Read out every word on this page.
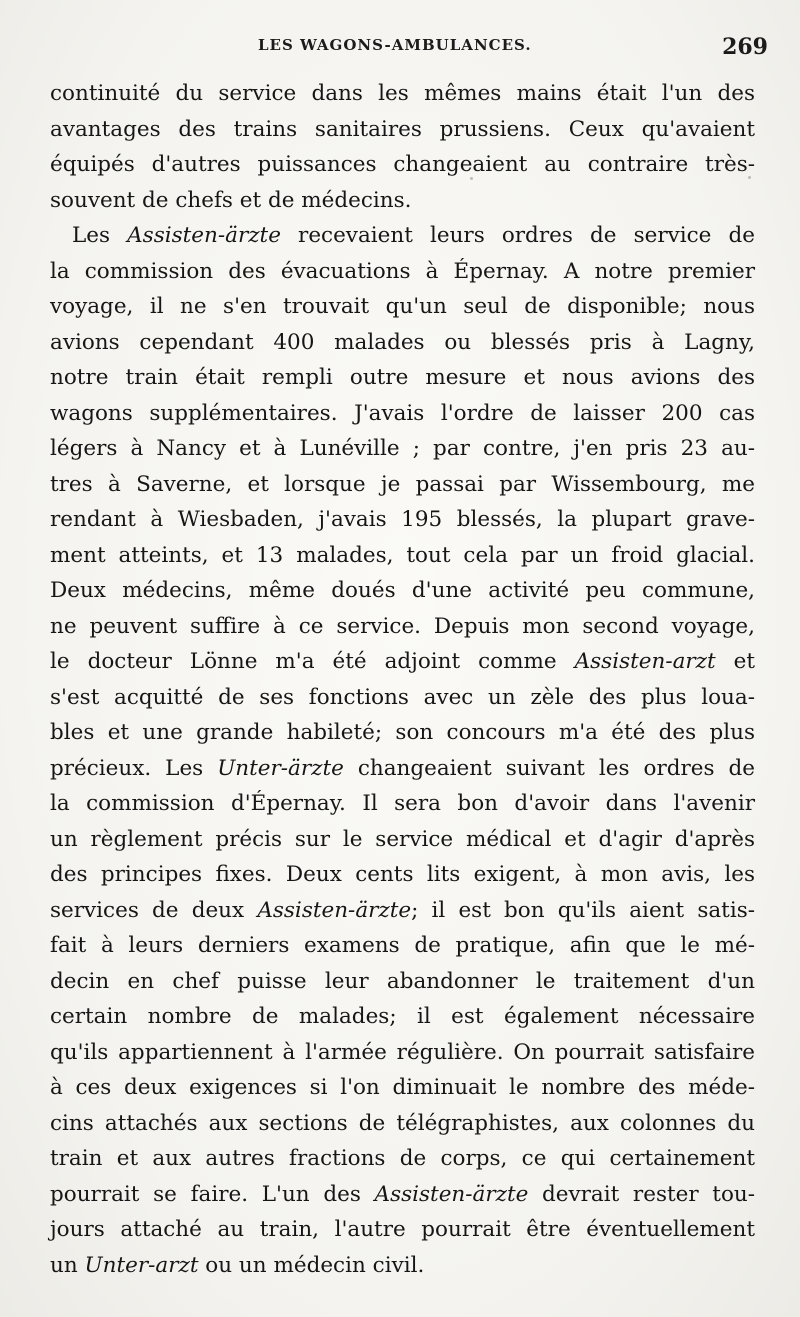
LES WAGONS-AMBULANCES.	269
continuité du service dans les mêmes mains était l'un des
avantages des trains sanitaires prussiens. Ceux qu'avaient
équipés d'autres puissances changeaient au contraire très-
souvent de chefs et de médecins.
Les Assisten-ärzte recevaient leurs ordres de service de
la commission des évacuations à Épernay. A notre premier
voyage, il ne s'en trouvait qu'un seul de disponible; nous
avions cependant 400 malades ou blessés pris à Lagny,
notre train était rempli outre mesure et nous avions des
wagons supplémentaires. J'avais l'ordre de laisser 200 cas
légers à Nancy et à Lunéville ; par contre, j'en pris 23 au-
tres à Saverne, et lorsque je passai par Wissembourg, me
rendant à Wiesbaden, j'avais 195 blessés, la plupart grave-
ment atteints, et 13 malades, tout cela par un froid glacial.
Deux médecins, même doués d'une activité peu commune,
ne peuvent suffire à ce service. Depuis mon second voyage,
le docteur Lönne m'a été adjoint comme Assisten-arzt et
s'est acquitté de ses fonctions avec un zèle des plus loua-
bles et une grande habileté; son concours m'a été des plus
précieux. Les Unter-ärzte changeaient suivant les ordres de
la commission d'Épernay. Il sera bon d'avoir dans l'avenir
un règlement précis sur le service médical et d'agir d'après
des principes fixes. Deux cents lits exigent, à mon avis, les
services de deux Assisten-ärzte; il est bon qu'ils aient satis-
fait à leurs derniers examens de pratique, afin que le mé-
decin en chef puisse leur abandonner le traitement d'un
certain nombre de malades; il est également nécessaire
qu'ils appartiennent à l'armée régulière. On pourrait satisfaire
à ces deux exigences si l'on diminuait le nombre des méde-
cins attachés aux sections de télégraphistes, aux colonnes du
train et aux autres fractions de corps, ce qui certainement
pourrait se faire. L'un des Assisten-ärzte devrait rester tou-
jours attaché au train, l'autre pourrait être éventuellement
un Unter-arzt ou un médecin civil.
